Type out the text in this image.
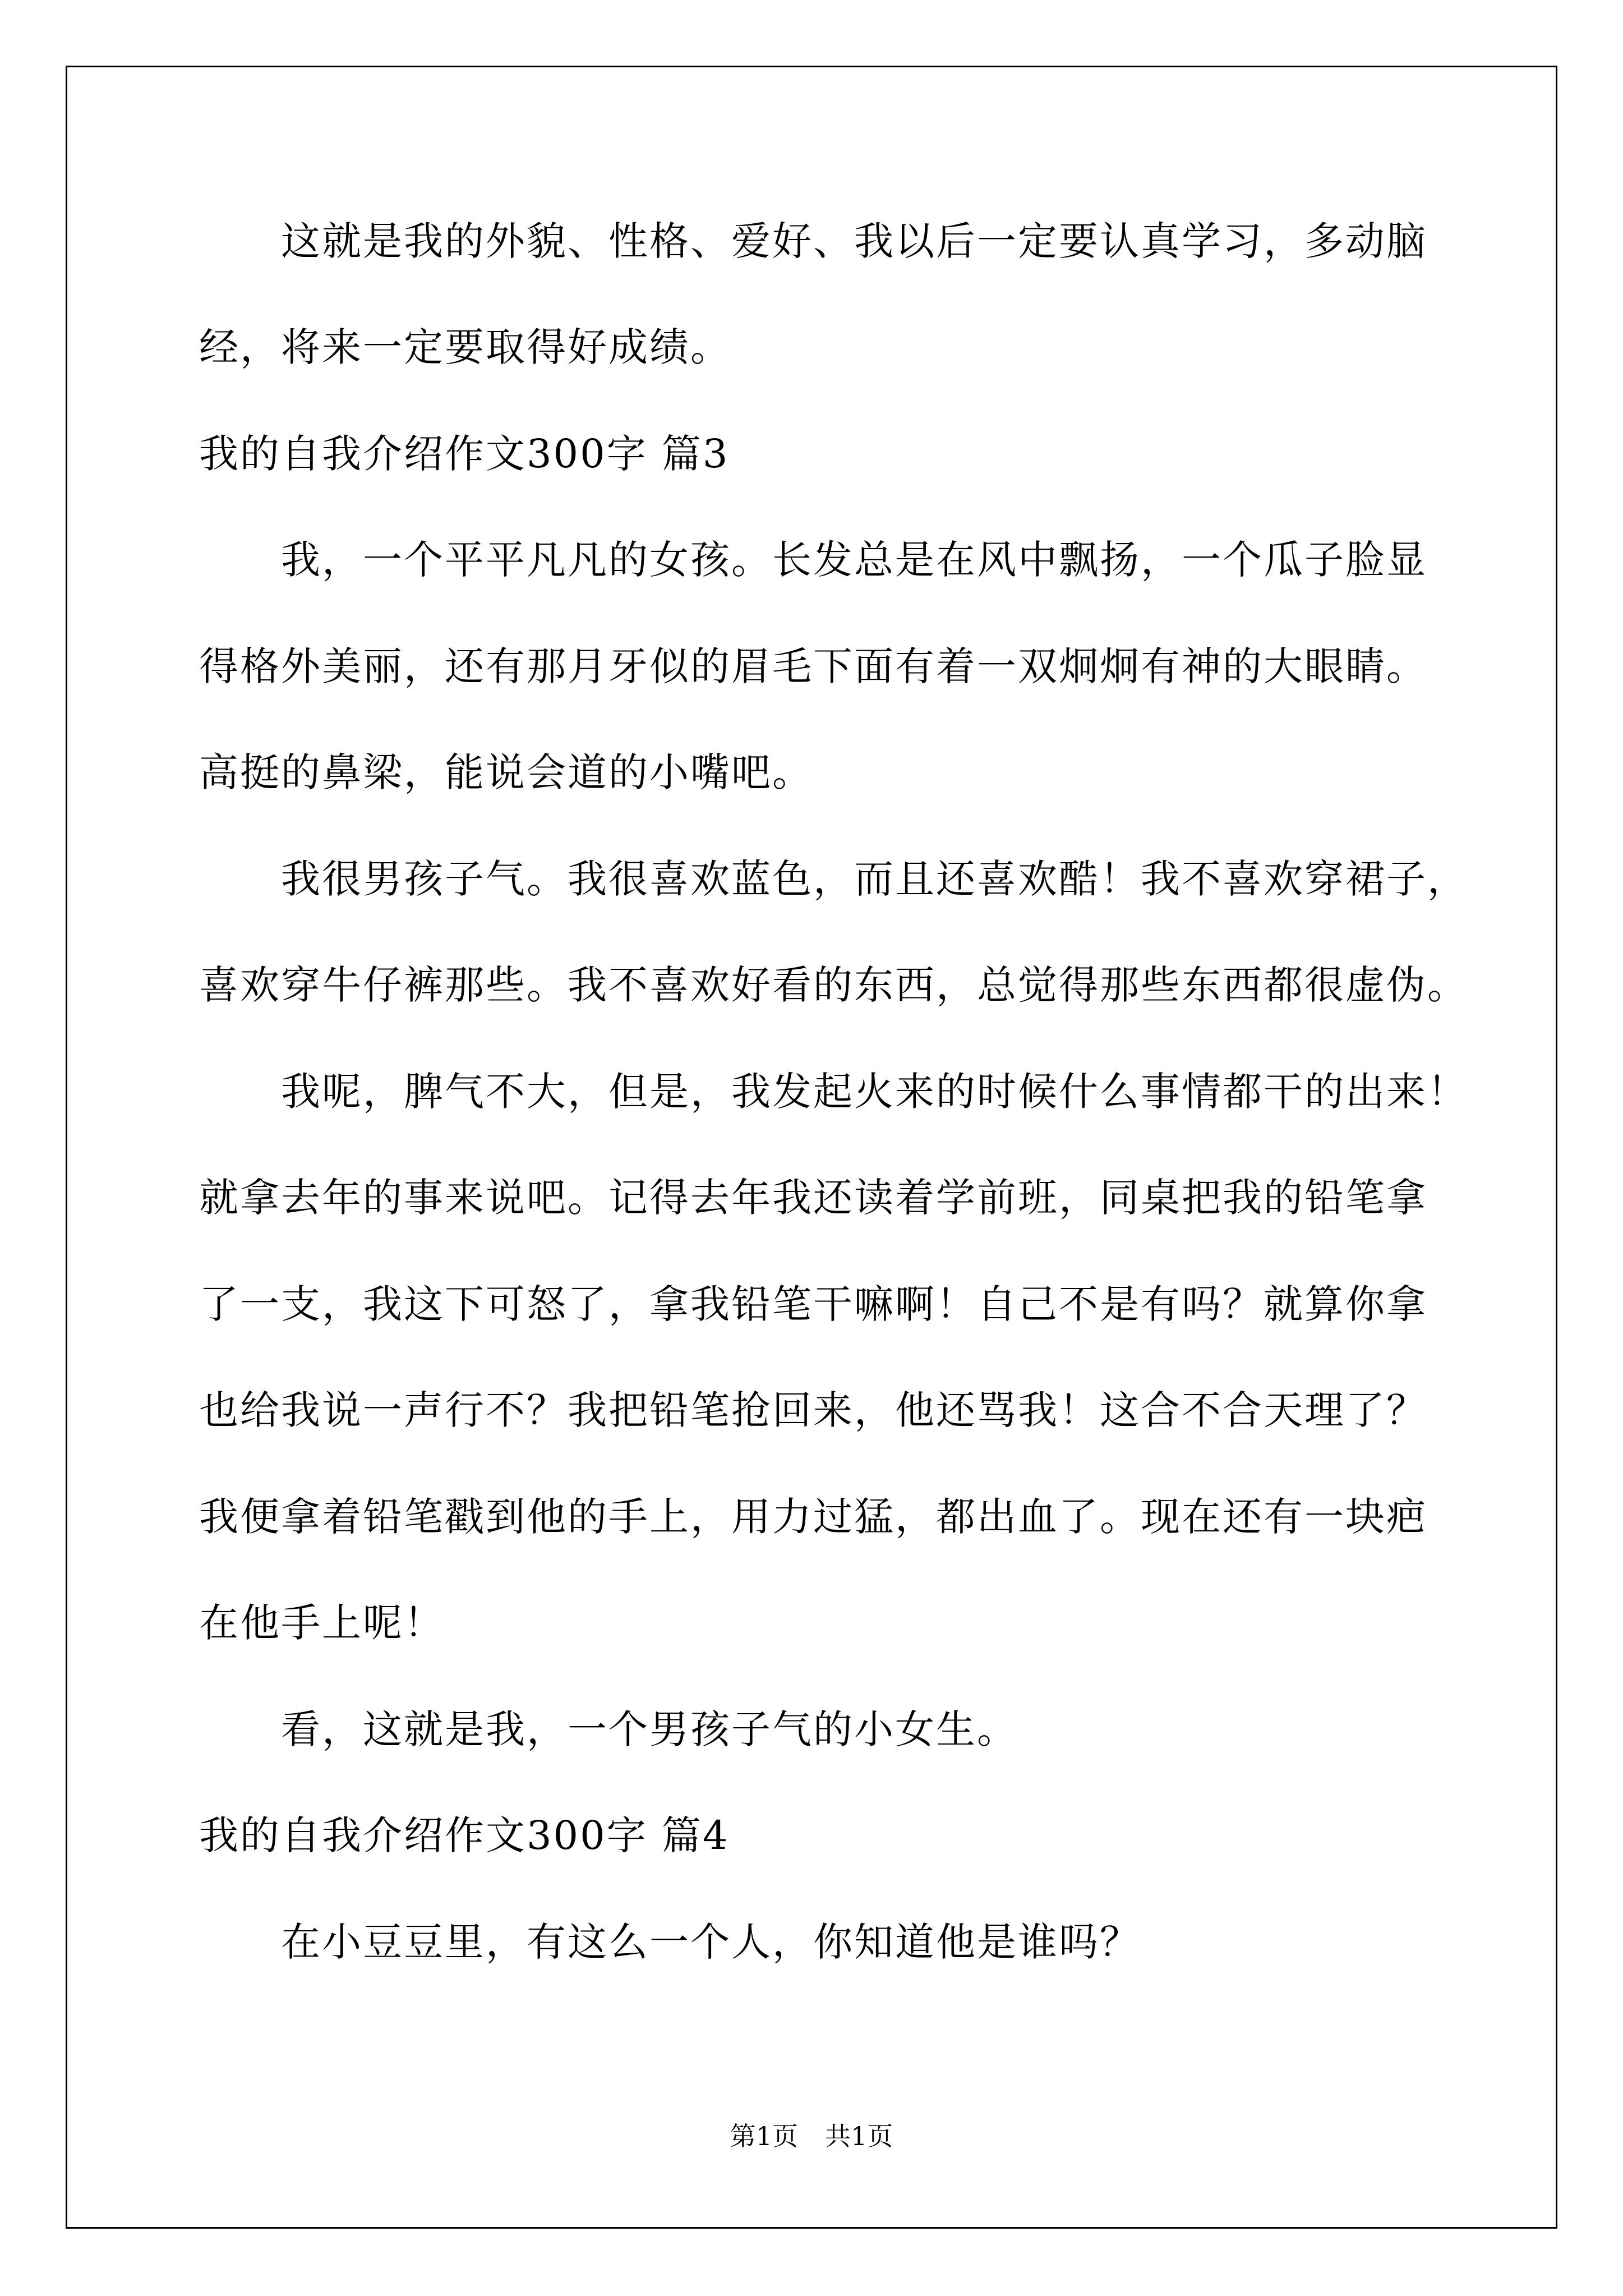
这就是我的外貌、性格、爱好、我以后一定要认真学习，多动脑
经，将来一定要取得好成绩。
我的自我介绍作文300字 篇3
我，一个平平凡凡的女孩。长发总是在风中飘扬，一个瓜子脸显
得格外美丽，还有那月牙似的眉毛下面有着一双炯炯有神的大眼睛。
高挺的鼻梁，能说会道的小嘴吧。
我很男孩子气。我很喜欢蓝色，而且还喜欢酷！我不喜欢穿裙子，
喜欢穿牛仔裤那些。我不喜欢好看的东西，总觉得那些东西都很虚伪。
我呢，脾气不大，但是，我发起火来的时候什么事情都干的出来！
就拿去年的事来说吧。记得去年我还读着学前班，同桌把我的铅笔拿
了一支，我这下可怒了，拿我铅笔干嘛啊！自己不是有吗？就算你拿
也给我说一声行不？我把铅笔抢回来，他还骂我！这合不合天理了？
我便拿着铅笔戳到他的手上，用力过猛，都出血了。现在还有一块疤
在他手上呢！
看，这就是我，一个男孩子气的小女生。
我的自我介绍作文300字 篇4
在小豆豆里，有这么一个人，你知道他是谁吗？
第1页 共1页
